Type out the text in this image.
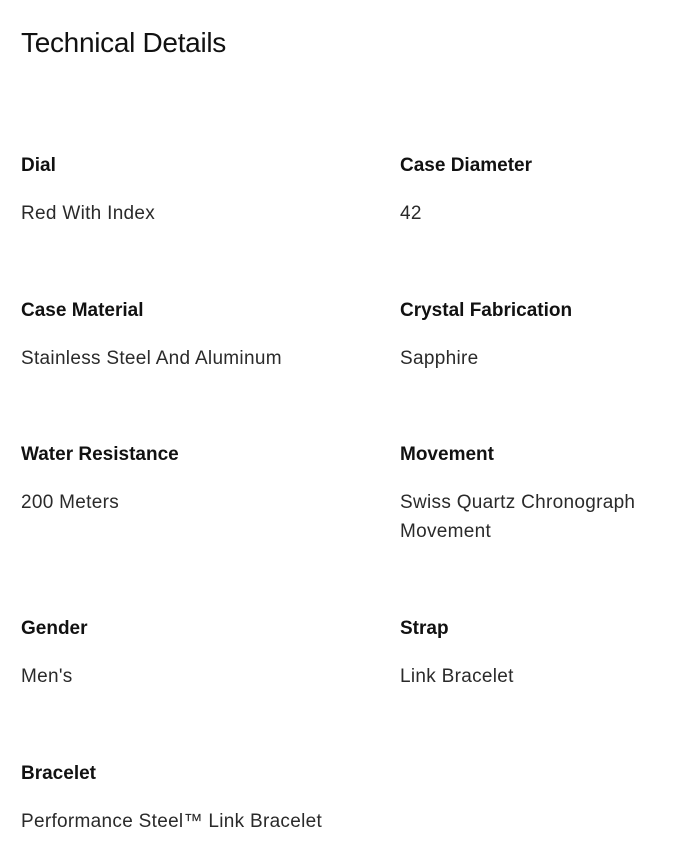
Technical Details
Dial
Red With Index
Case Diameter
42
Case Material
Stainless Steel And Aluminum
Crystal Fabrication
Sapphire
Water Resistance
200 Meters
Movement
Swiss Quartz Chronograph Movement
Gender
Men's
Strap
Link Bracelet
Bracelet
Performance Steel™ Link Bracelet
